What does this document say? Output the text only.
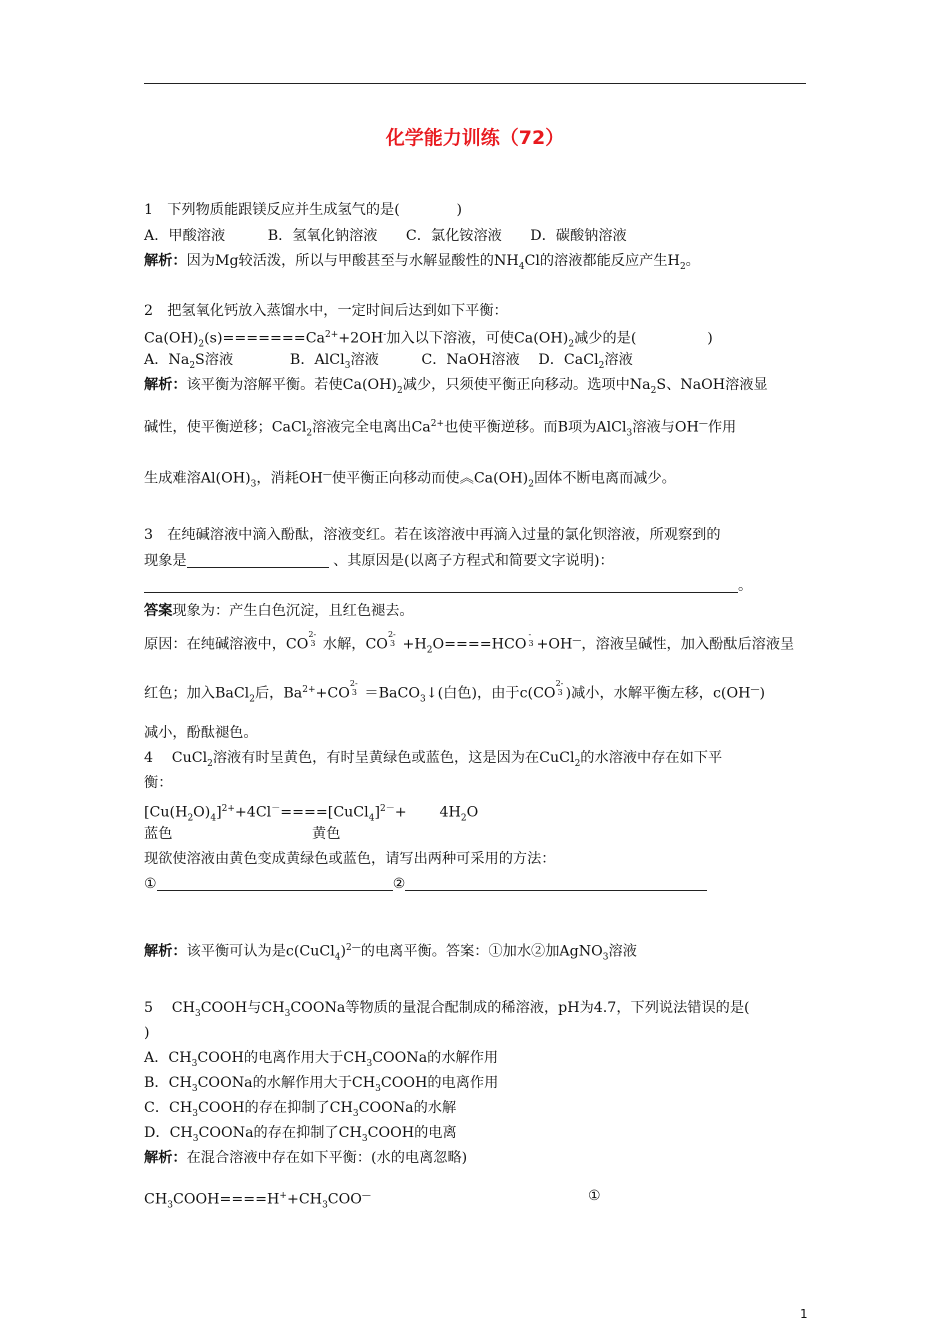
化学能力训练（72）
1　下列物质能跟镁反应并生成氢气的是(　　　　)
A．甲酸溶液　　　B．氢氧化钠溶液　　C．氯化铵溶液　　D．碳酸钠溶液
解析：因为Mg较活泼，所以与甲酸甚至与水解显酸性的$NH_4Cl$的溶液都能反应产生$H_2$。
2　把氢氧化钙放入蒸馏水中，一定时间后达到如下平衡：
$Ca(OH)_2(s)=======Ca^{2+}+2OH^-$加入以下溶液，可使$Ca(OH)_2$减少的是(　　　　　)
A．$Na_2S$溶液　　　　B．AlCl$_3$溶液　　　C．NaOH溶液　 D．CaCl$_2$溶液
解析：该平衡为溶解平衡。若使$Ca(OH)_2$减少，只须使平衡正向移动。选项中$Na_2S$、NaOH溶液显
碱性，使平衡逆移；CaCl$_2$溶液完全电离出$Ca^{2+}$也使平衡逆移。而B项为AlCl$_3$溶液与OH—作用
生成难溶$Al(OH)_3$，消耗OH—使平衡正向移动而使$︽Ca(OH)_2$固体不断电离而减少。
3　在纯碱溶液中滴入酚酞，溶液变红。若在该溶液中再滴入过量的氯化钡溶液，所观察到的
现象是	、其原因是(以离子方程式和简要文字说明)：
。
答案现象为：产生白色沉淀，且红色褪去。
原因：在纯碱溶液中，CO
2-
3 水解，CO
2-
$3 +H_2O====HCO$
-
3 +OH—，溶液呈碱性，加入酚酞后溶液呈
红色；加入BaCl$_2$后，$Ba^{2+}+CO$
2-
3 ＝BaCO$_3$↓(白色)，由于c(CO
2-
3 )减小，水解平衡左移，c(OH—)
减小，酚酞褪色。
4　 CuCl$_2$溶液有时呈黄色，有时呈黄绿色或蓝色，这是因为在CuCl$_2$的水溶液中存在如下平
衡：
$[Cu(H_2O)_4]^{2+}+4Cl^-====[CuCl_4]^{2-}+$　　 $4H_2O$
蓝色	黄色
现欲使溶液由黄色变成黄绿色或蓝色，请写出两种可采用的方法：
①	②
解析：该平衡可认为是c(CuCl$_4$)$^{2—}$的电离平衡。答案：①加水②加AgNO$_3$溶液
5　 $CH_3COOH$与$CH_3COONa$等物质的量混合配制成的稀溶液，pH为4.7，下列说法错误的是(
)
A．$CH_3COOH$的电离作用大于$CH_3COONa$的水解作用
B．$CH_3COONa$的水解作用大于$CH_3COOH$的电离作用
C．$CH_3COOH$的存在抑制了$CH_3COONa$的水解
D．$CH_3COONa$的存在抑制了$CH_3COOH$的电离
解析：在混合溶液中存在如下平衡：(水的电离忽略)
$CH_3COOH====H^++CH_3COO^—$	①
1
